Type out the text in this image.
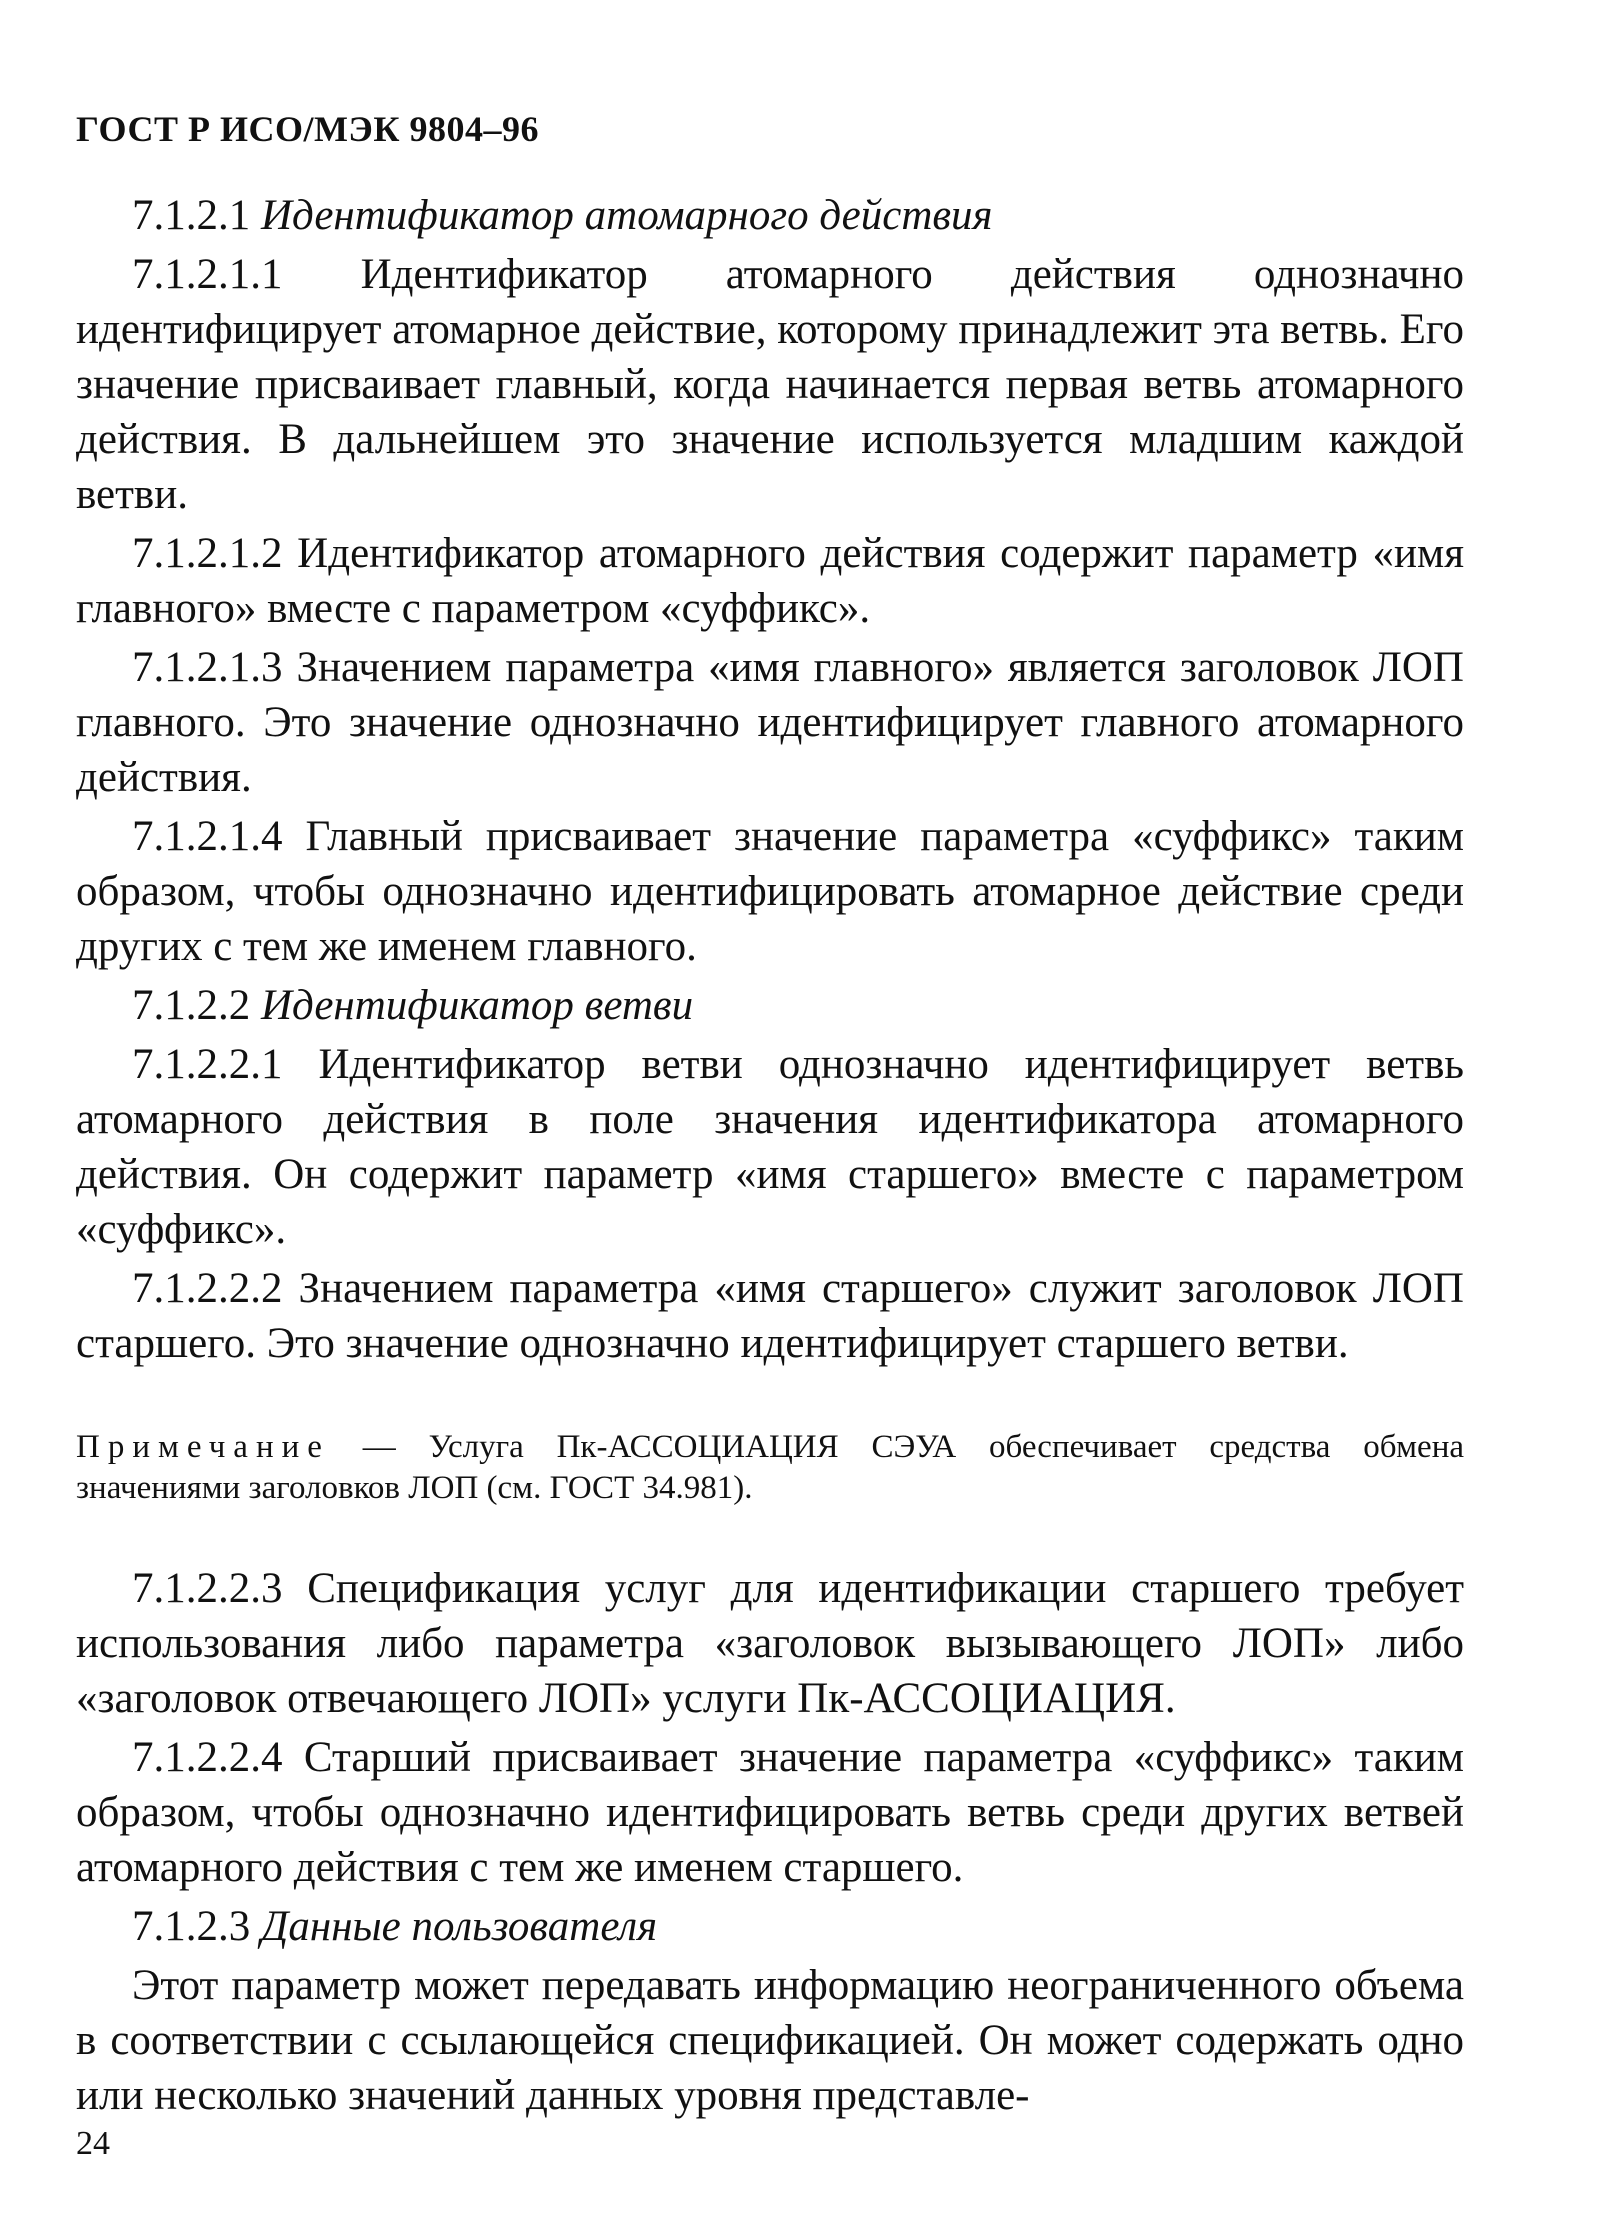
ГОСТ Р ИСО/МЭК 9804–96

7.1.2.1 Идентификатор атомарного действия

7.1.2.1.1 Идентификатор атомарного действия однозначно идентифицирует атомарное действие, которому принадлежит эта ветвь. Его значение присваивает главный, когда начинается первая ветвь атомарного действия. В дальнейшем это значение используется младшим каждой ветви.

7.1.2.1.2 Идентификатор атомарного действия содержит параметр «имя главного» вместе с параметром «суффикс».

7.1.2.1.3 Значением параметра «имя главного» является заголовок ЛОП главного. Это значение однозначно идентифицирует главного атомарного действия.

7.1.2.1.4 Главный присваивает значение параметра «суффикс» таким образом, чтобы однозначно идентифицировать атомарное действие среди других с тем же именем главного.

7.1.2.2 Идентификатор ветви

7.1.2.2.1 Идентификатор ветви однозначно идентифицирует ветвь атомарного действия в поле значения идентификатора атомарного действия. Он содержит параметр «имя старшего» вместе с параметром «суффикс».

7.1.2.2.2 Значением параметра «имя старшего» служит заголовок ЛОП старшего. Это значение однозначно идентифицирует старшего ветви.

Примечание — Услуга Пк-АССОЦИАЦИЯ СЭУА обеспечивает средства обмена значениями заголовков ЛОП (см. ГОСТ 34.981).

7.1.2.2.3 Спецификация услуг для идентификации старшего требует использования либо параметра «заголовок вызывающего ЛОП» либо «заголовок отвечающего ЛОП» услуги Пк-АССОЦИАЦИЯ.

7.1.2.2.4 Старший присваивает значение параметра «суффикс» таким образом, чтобы однозначно идентифицировать ветвь среди других ветвей атомарного действия с тем же именем старшего.

7.1.2.3 Данные пользователя

Этот параметр может передавать информацию неограниченного объема в соответствии с ссылающейся спецификацией. Он может содержать одно или несколько значений данных уровня представле-

24
